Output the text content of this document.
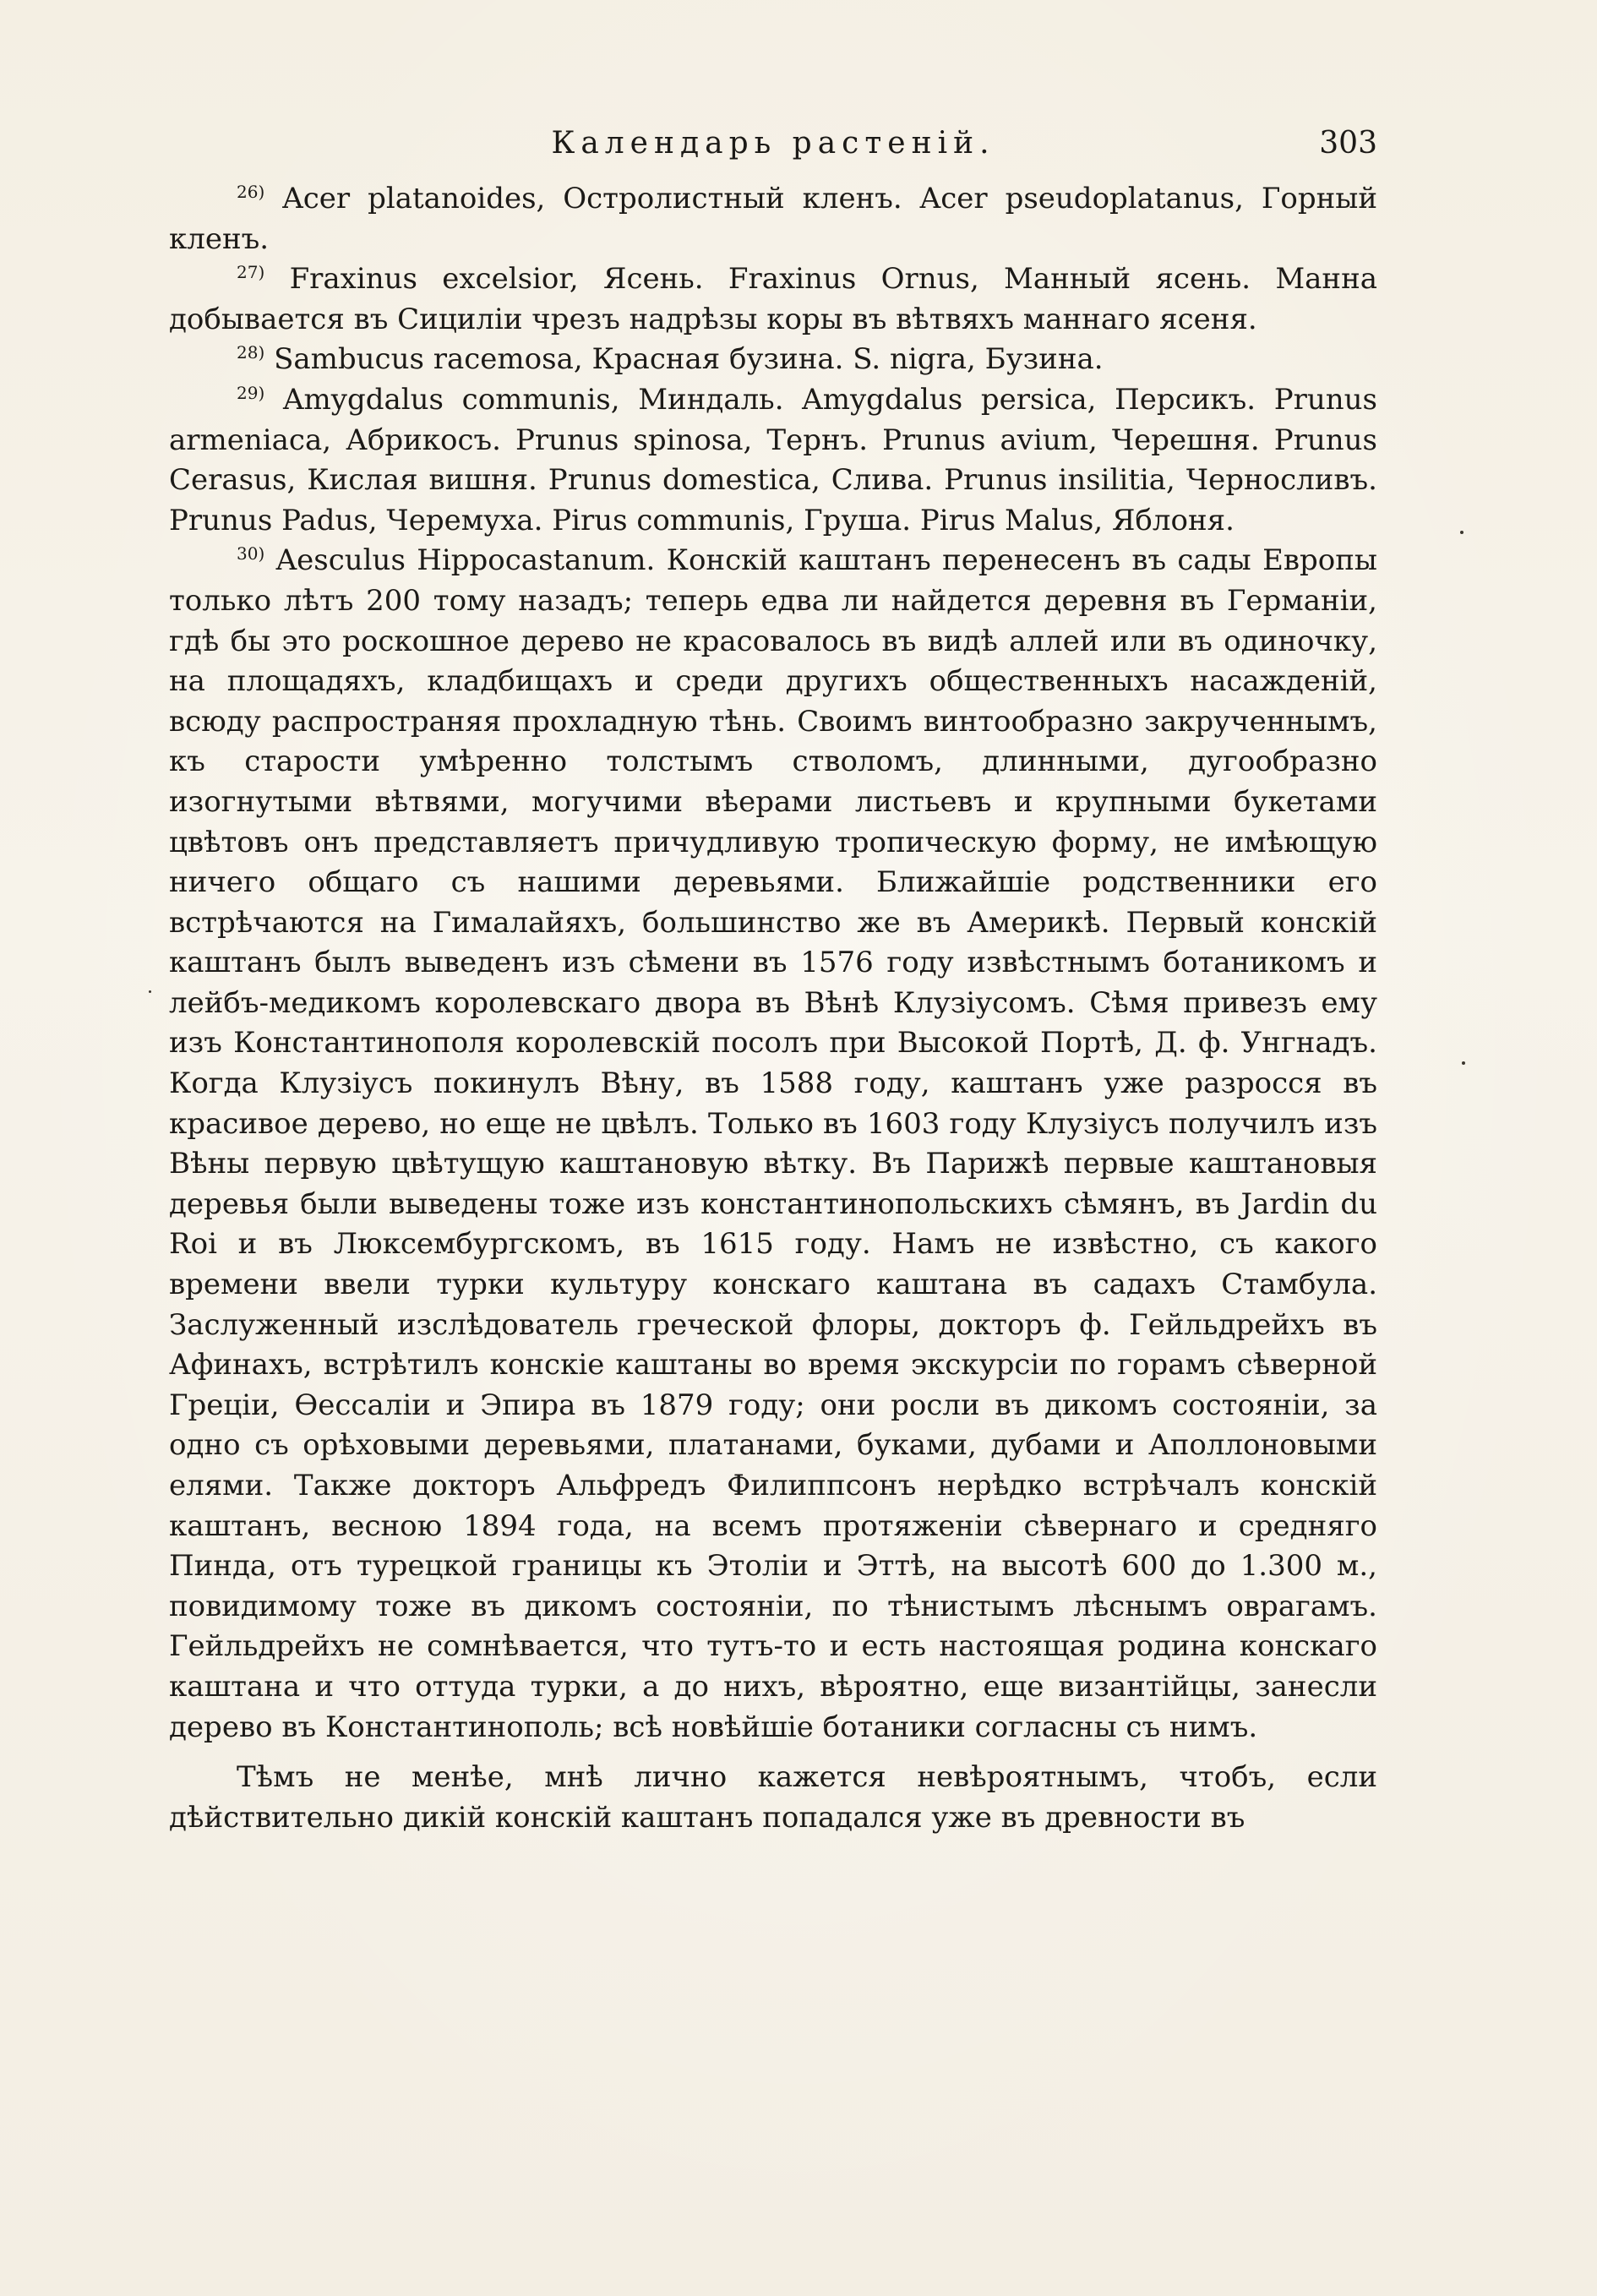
Календарь растеній.	303

$^{26)}$ Acer platanoides, Остролистный кленъ. Acer pseudoplatanus, Горный кленъ.

$^{27)}$ Fraxinus excelsior, Ясень. Fraxinus Ornus, Манный ясень. Манна добывается въ Сициліи чрезъ надрѣзы коры въ вѣтвяхъ маннаго ясеня.

$^{28)}$ Sambucus racemosa, Красная бузина. S. nigra, Бузина.

$^{29)}$ Amygdalus communis, Миндаль. Amygdalus persica, Персикъ. Prunus armeniaca, Абрикосъ. Prunus spinosa, Тернъ. Prunus avium, Черешня. Prunus Cerasus, Кислая вишня. Prunus domestica, Слива. Prunus insilitia, Черносливъ. Prunus Padus, Черемуха. Pirus communis, Груша. Pirus Malus, Яблоня.

$^{30)}$ Aesculus Hippocastanum. Конскій каштанъ перенесенъ въ сады Европы только лѣтъ 200 тому назадъ; теперь едва ли найдется деревня въ Германіи, гдѣ бы это роскошное дерево не красовалось въ видѣ аллей или въ одиночку, на площадяхъ, кладбищахъ и среди другихъ общественныхъ насажденій, всюду распространяя прохладную тѣнь. Своимъ винтообразно закрученнымъ, къ старости умѣренно толстымъ стволомъ, длинными, дугообразно изогнутыми вѣтвями, могучими вѣерами листьевъ и крупными букетами цвѣтовъ онъ представляетъ причудливую тропическую форму, не имѣющую ничего общаго съ нашими деревьями. Ближайшіе родственники его встрѣчаются на Гималайяхъ, большинство же въ Америкѣ. Первый конскій каштанъ былъ выведенъ изъ сѣмени въ 1576 году извѣстнымъ ботаникомъ и лейбъ-медикомъ королевскаго двора въ Вѣнѣ Клузіусомъ. Сѣмя привезъ ему изъ Константинополя королевскій посолъ при Высокой Портѣ, Д. ф. Унгнадъ. Когда Клузіусъ покинулъ Вѣну, въ 1588 году, каштанъ уже разросся въ красивое дерево, но еще не цвѣлъ. Только въ 1603 году Клузіусъ получилъ изъ Вѣны первую цвѣтущую каштановую вѣтку. Въ Парижѣ первые каштановыя деревья были выведены тоже изъ константинопольскихъ сѣмянъ, въ Jardin du Roi и въ Люксембургскомъ, въ 1615 году. Намъ не извѣстно, съ какого времени ввели турки культуру конскаго каштана въ садахъ Стамбула. Заслуженный изслѣдователь греческой флоры, докторъ ф. Гейльдрейхъ въ Афинахъ, встрѣтилъ конскіе каштаны во время экскурсіи по горамъ сѣверной Греціи, Ѳессаліи и Эпира въ 1879 году; они росли въ дикомъ состояніи, за одно съ орѣховыми деревьями, платанами, буками, дубами и Аполлоновыми елями. Также докторъ Альфредъ Филиппсонъ нерѣдко встрѣчалъ конскій каштанъ, весною 1894 года, на всемъ протяженіи сѣвернаго и средняго Пинда, отъ турецкой границы къ Этоліи и Эттѣ, на высотѣ 600 до 1.300 м., повидимому тоже въ дикомъ состояніи, по тѣнистымъ лѣснымъ оврагамъ. Гейльдрейхъ не сомнѣвается, что тутъ-то и есть настоящая родина конскаго каштана и что оттуда турки, а до нихъ, вѣроятно, еще византійцы, занесли дерево въ Константинополь; всѣ новѣйшіе ботаники согласны съ нимъ.

Тѣмъ не менѣе, мнѣ лично кажется невѣроятнымъ, чтобъ, если дѣйствительно дикій конскій каштанъ попадался уже въ древности въ
